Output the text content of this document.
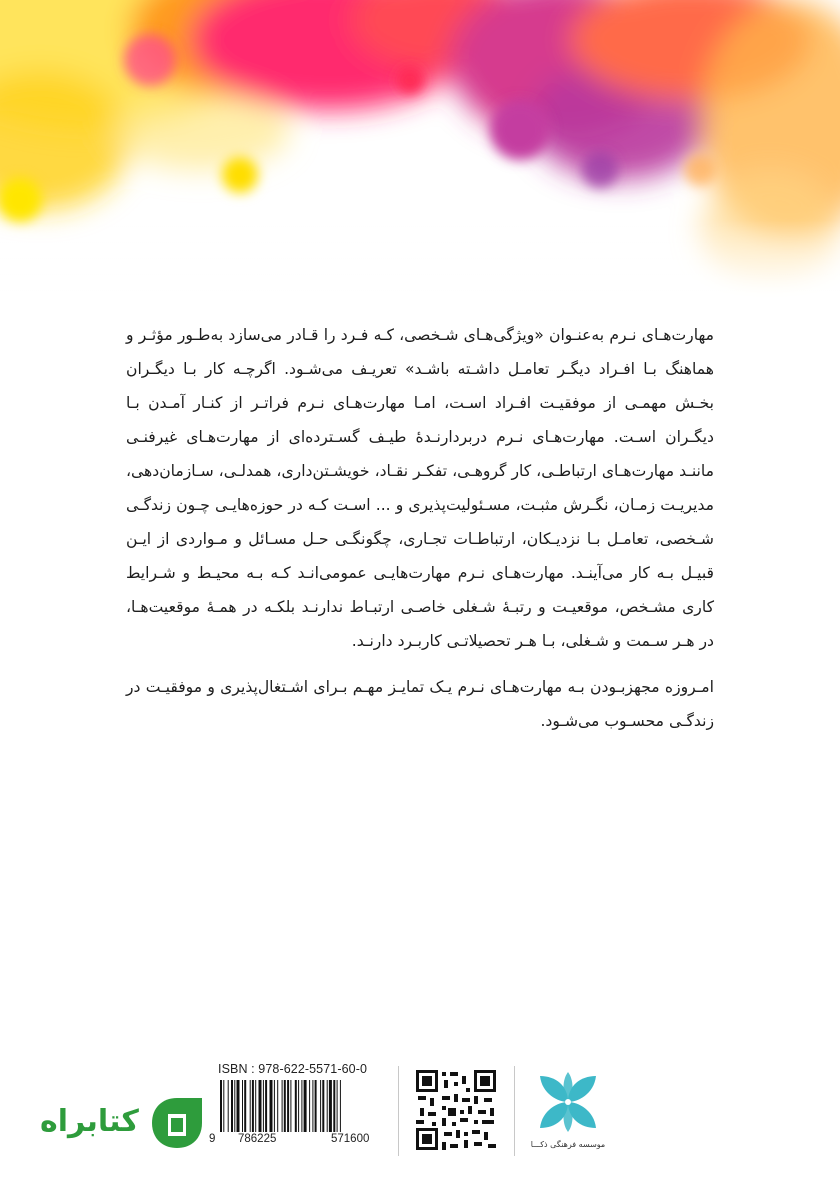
مهارت‌هـای نـرم به‌عنـوان «ویژگی‌هـای شـخصی، کـه فـرد را قـادر می‌سازد به‌طـور مؤثـر و هماهنگ بـا افـراد دیگـر تعامـل داشـته باشـد» تعریـف می‌شـود. اگرچـه کار بـا دیگـران بخـش مهمـی از موفقیـت افـراد اسـت، امـا مهارت‌هـای نـرم فراتـر از کنـار آمـدن بـا دیگـران اسـت. مهارت‌هـای نـرم دربردارنـدهٔ طیـف گسـترده‌ای از مهارت‌هـای غیرفنـی ماننـد مهارت‌هـای ارتباطـی، کار گروهـی، تفکـر نقـاد، خویشـتن‌داری، همدلـی، سـازمان‌دهی، مدیریـت زمـان، نگـرش مثبـت، مسـئولیت‌پذیری و ... اسـت کـه در حوزه‌هایـی چـون زندگـی شـخصی، تعامـل بـا نزدیـکان، ارتباطـات تجـاری، چگونگـی حـل مسـائل و مـواردی از ایـن قبیـل بـه کار می‌آینـد. مهارت‌هـای نـرم مهارت‌هایـی عمومی‌انـد کـه بـه محیـط و شـرایط کاری مشـخص، موقعیـت و رتبـهٔ شـغلی خاصـی ارتبـاط ندارنـد بلکـه در همـهٔ موقعیت‌هـا، در هـر سـمت و شـغلی، بـا هـر تحصیلاتـی کاربـرد دارنـد.

امـروزه مجهزبـودن بـه مهارت‌هـای نـرم یـک تمایـز مهـم بـرای اشـتغال‌پذیری و موفقیـت در زندگـی محسـوب می‌شـود.

موسسه فرهنگی ذکـــا
ISBN : 978-622-5571-60-0
9 786225	571600
کتابراه
